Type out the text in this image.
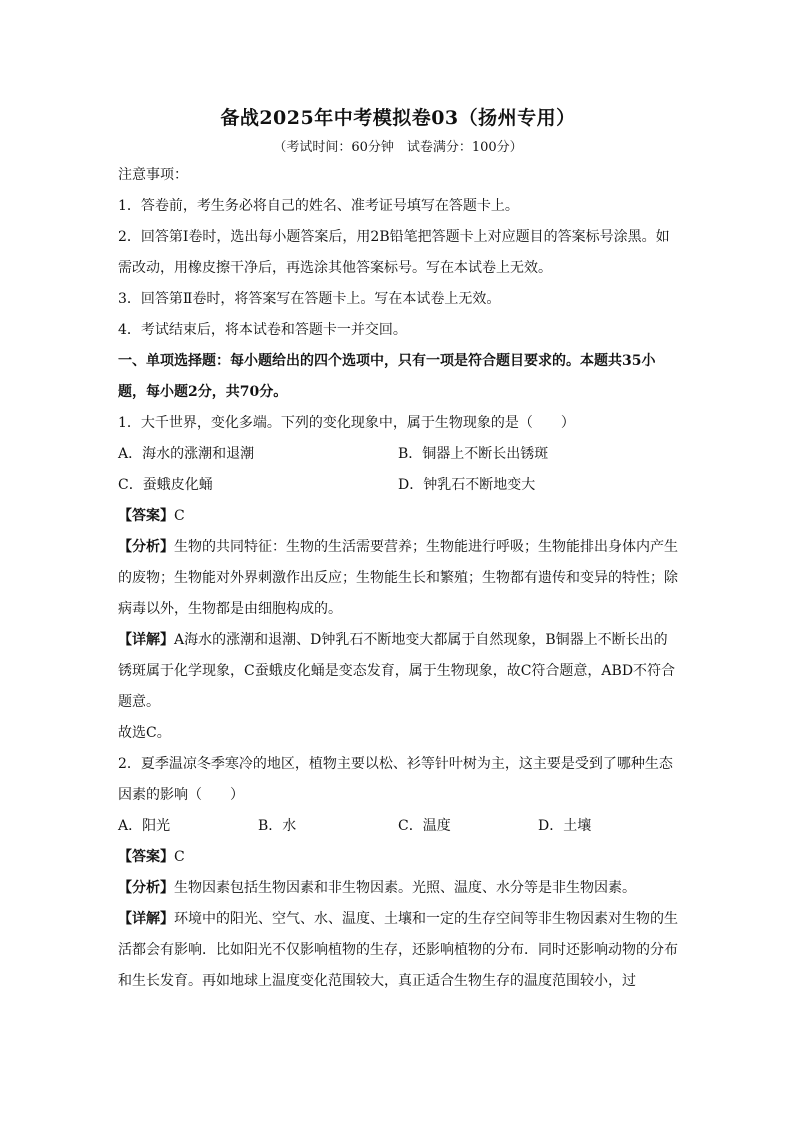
备战2025年中考模拟卷03（扬州专用）
（考试时间：60分钟　试卷满分：100分）

注意事项：

1．答卷前，考生务必将自己的姓名、准考证号填写在答题卡上。

2．回答第Ⅰ卷时，选出每小题答案后，用2B铅笔把答题卡上对应题目的答案标号涂黑。如需改动，用橡皮擦干净后，再选涂其他答案标号。写在本试卷上无效。

3．回答第Ⅱ卷时，将答案写在答题卡上。写在本试卷上无效。

4．考试结束后，将本试卷和答题卡一并交回。

一、单项选择题：每小题给出的四个选项中，只有一项是符合题目要求的。本题共35小题，每小题2分，共70分。

1．大千世界，变化多端。下列的变化现象中，属于生物现象的是（　　）

A．海水的涨潮和退潮	B．铜器上不断长出锈斑
C．蚕蛾皮化蛹	D．钟乳石不断地变大

【答案】C

【分析】生物的共同特征：生物的生活需要营养；生物能进行呼吸；生物能排出身体内产生的废物；生物能对外界刺激作出反应；生物能生长和繁殖；生物都有遗传和变异的特性；除病毒以外，生物都是由细胞构成的。

【详解】A海水的涨潮和退潮、D钟乳石不断地变大都属于自然现象，B铜器上不断长出的锈斑属于化学现象，C蚕蛾皮化蛹是变态发育，属于生物现象，故C符合题意，ABD不符合题意。

故选C。

2．夏季温凉冬季寒冷的地区，植物主要以松、衫等针叶树为主，这主要是受到了哪种生态因素的影响（　　）

A．阳光	B．水	C．温度	D．土壤

【答案】C

【分析】生物因素包括生物因素和非生物因素。光照、温度、水分等是非生物因素。

【详解】环境中的阳光、空气、水、温度、土壤和一定的生存空间等非生物因素对生物的生活都会有影响．比如阳光不仅影响植物的生存，还影响植物的分布．同时还影响动物的分布和生长发育。再如地球上温度变化范围较大，真正适合生物生存的温度范围较小，过
